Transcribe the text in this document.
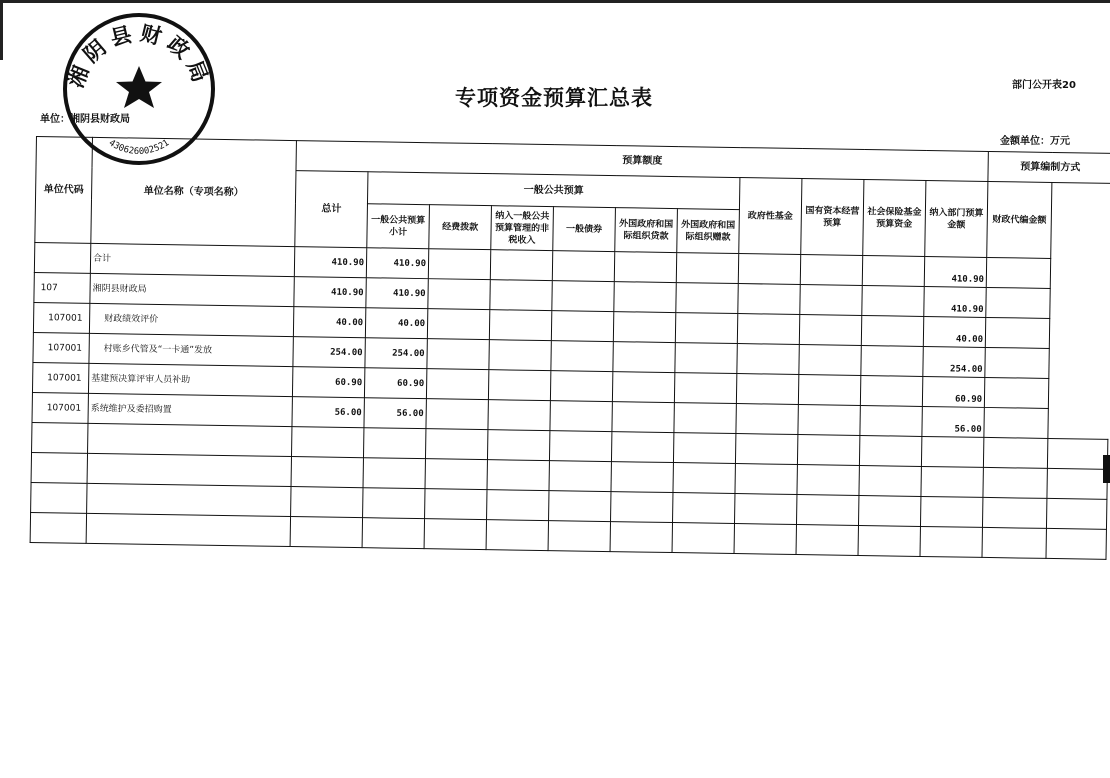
专项资金预算汇总表	部门公开表20
单位：湘阴县财政局
金额单位：万元
单位代码	单位名称（专项名称）	预算额度											预算编制方式	
		总计	一般公共预算						政府性基金	国有资本经营预算	社会保险基金预算资金	纳入部门预算金额	财政代编金额	
			一般公共预算小计	经费拨款	纳入一般公共预算管理的非税收入	一般债券	外国政府和国际组织贷款	外国政府和国际组织赠款						
	合计	410.90	410.90									410.90		
107	湘阴县财政局	410.90	410.90									410.90		
107001	财政绩效评价	40.00	40.00									40.00		
107001	村账乡代管及“一卡通”发放	254.00	254.00									254.00		
107001	基建预决算评审人员补助	60.90	60.90									60.90		
107001	系统维护及委招购置	56.00	56.00									56.00		

湘阴县财政局
430626002521
